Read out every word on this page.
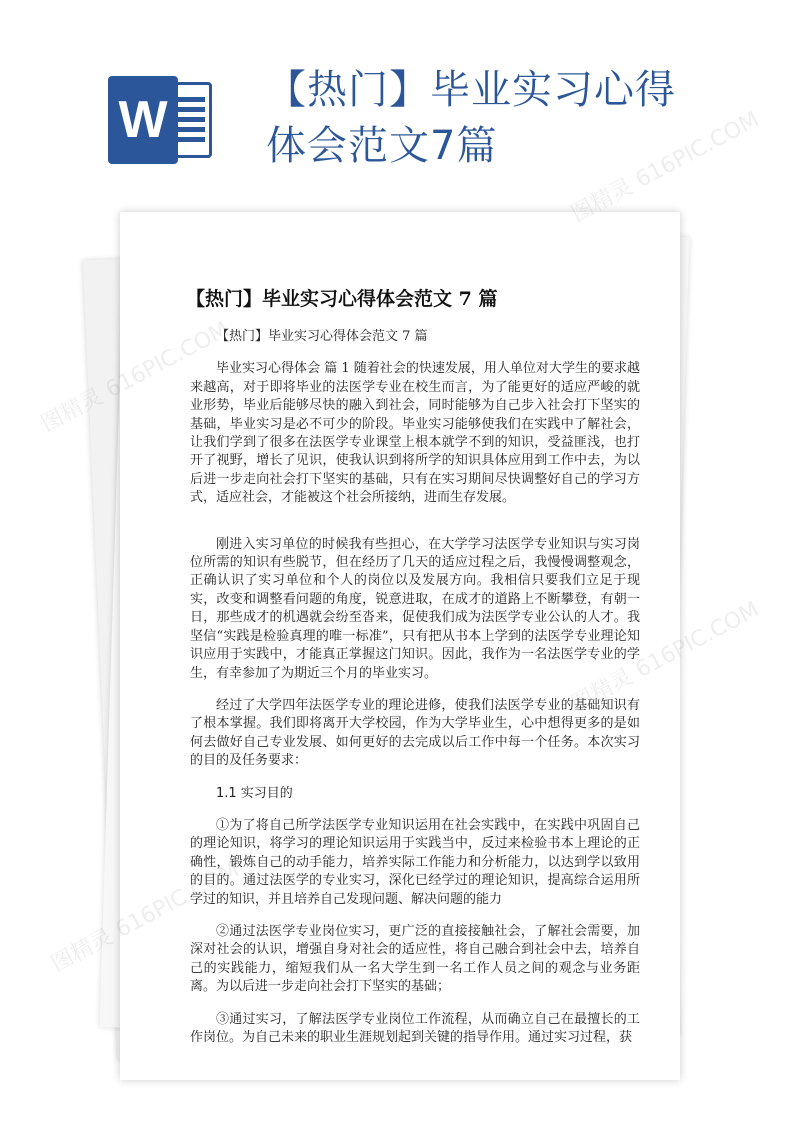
W
【热门】毕业实习心得
体会范文7篇
【热门】毕业实习心得体会范文 7 篇

【热门】毕业实习心得体会范文 7 篇

毕业实习心得体会 篇 1 随着社会的快速发展，用人单位对大学生的要求越来越高，对于即将毕业的法医学专业在校生而言，为了能更好的适应严峻的就业形势，毕业后能够尽快的融入到社会，同时能够为自己步入社会打下坚实的基础，毕业实习是必不可少的阶段。毕业实习能够使我们在实践中了解社会，让我们学到了很多在法医学专业课堂上根本就学不到的知识，受益匪浅，也打开了视野，增长了见识，使我认识到将所学的知识具体应用到工作中去，为以后进一步走向社会打下坚实的基础，只有在实习期间尽快调整好自己的学习方式，适应社会，才能被这个社会所接纳，进而生存发展。

刚进入实习单位的时候我有些担心，在大学学习法医学专业知识与实习岗位所需的知识有些脱节，但在经历了几天的适应过程之后，我慢慢调整观念，正确认识了实习单位和个人的岗位以及发展方向。我相信只要我们立足于现实，改变和调整看问题的角度，锐意进取，在成才的道路上不断攀登，有朝一日，那些成才的机遇就会纷至沓来，促使我们成为法医学专业公认的人才。我坚信“实践是检验真理的唯一标准”，只有把从书本上学到的法医学专业理论知识应用于实践中，才能真正掌握这门知识。因此，我作为一名法医学专业的学生，有幸参加了为期近三个月的毕业实习。

经过了大学四年法医学专业的理论进修，使我们法医学专业的基础知识有了根本掌握。我们即将离开大学校园，作为大学毕业生，心中想得更多的是如何去做好自己专业发展、如何更好的去完成以后工作中每一个任务。本次实习的目的及任务要求：

1.1 实习目的

①为了将自己所学法医学专业知识运用在社会实践中，在实践中巩固自己的理论知识，将学习的理论知识运用于实践当中，反过来检验书本上理论的正确性，锻炼自己的动手能力，培养实际工作能力和分析能力，以达到学以致用的目的。通过法医学的专业实习，深化已经学过的理论知识，提高综合运用所学过的知识，并且培养自己发现问题、解决问题的能力

②通过法医学专业岗位实习，更广泛的直接接触社会，了解社会需要，加深对社会的认识，增强自身对社会的适应性，将自己融合到社会中去，培养自己的实践能力，缩短我们从一名大学生到一名工作人员之间的观念与业务距离。为以后进一步走向社会打下坚实的基础；

③通过实习，了解法医学专业岗位工作流程，从而确立自己在最擅长的工作岗位。为自己未来的职业生涯规划起到关键的指导作用。通过实习过程，获

图精灵
图精灵 616PIC.COM
616PIC.COM
图精灵
